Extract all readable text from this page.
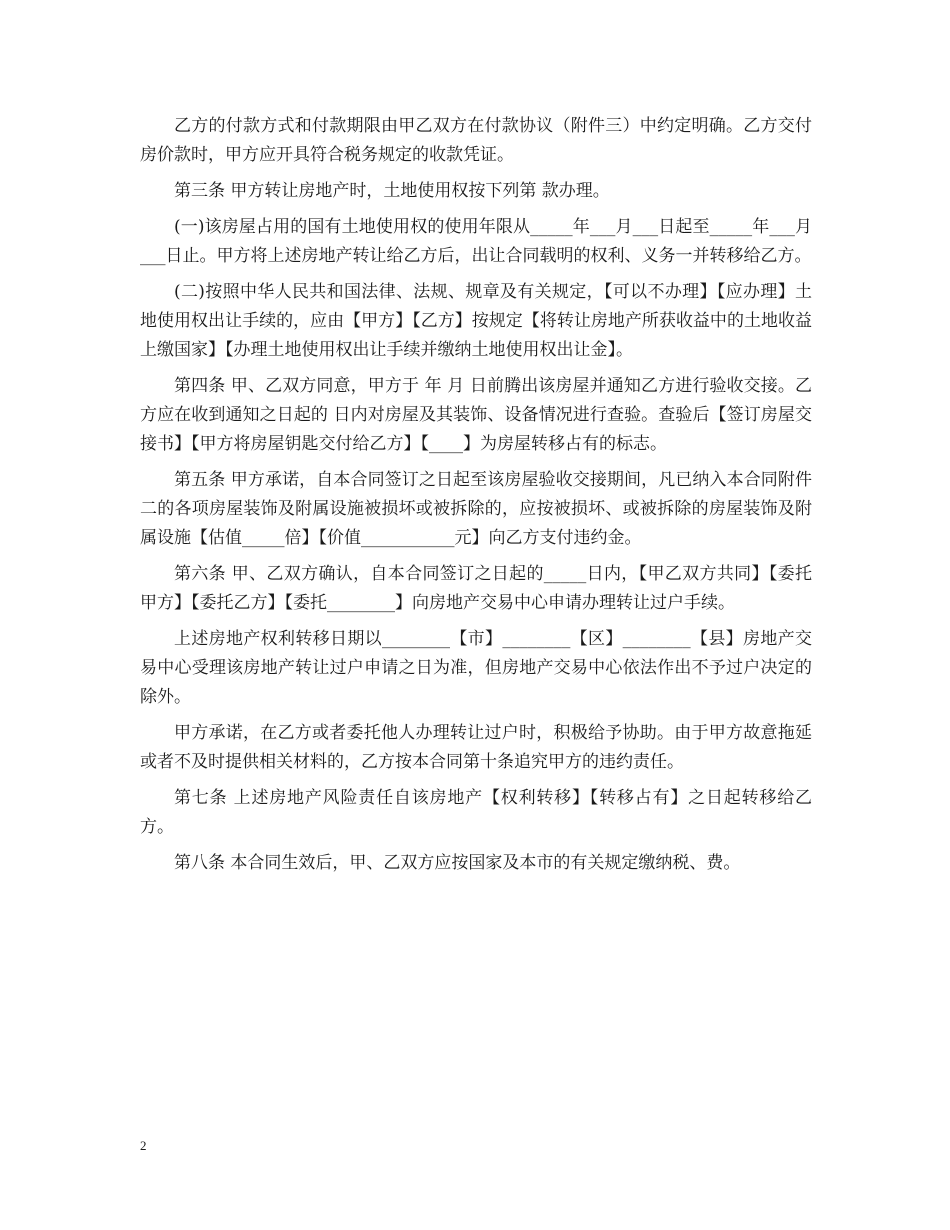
乙方的付款方式和付款期限由甲乙双方在付款协议（附件三）中约定明确。乙方交付房价款时，甲方应开具符合税务规定的收款凭证。

第三条 甲方转让房地产时，土地使用权按下列第 款办理。

(一)该房屋占用的国有土地使用权的使用年限从_____年___月___日起至_____年___月___日止。甲方将上述房地产转让给乙方后，出让合同载明的权利、义务一并转移给乙方。

(二)按照中华人民共和国法律、法规、规章及有关规定，【可以不办理】【应办理】土地使用权出让手续的，应由【甲方】【乙方】按规定【将转让房地产所获收益中的土地收益上缴国家】【办理土地使用权出让手续并缴纳土地使用权出让金】。

第四条 甲、乙双方同意，甲方于 年 月 日前腾出该房屋并通知乙方进行验收交接。乙方应在收到通知之日起的 日内对房屋及其装饰、设备情况进行查验。查验后【签订房屋交接书】【甲方将房屋钥匙交付给乙方】【____】为房屋转移占有的标志。

第五条 甲方承诺，自本合同签订之日起至该房屋验收交接期间，凡已纳入本合同附件二的各项房屋装饰及附属设施被损坏或被拆除的，应按被损坏、或被拆除的房屋装饰及附属设施【估值_____倍】【价值___________元】向乙方支付违约金。

第六条 甲、乙双方确认，自本合同签订之日起的_____日内，【甲乙双方共同】【委托甲方】【委托乙方】【委托________】向房地产交易中心申请办理转让过户手续。

上述房地产权利转移日期以________【市】________【区】________【县】房地产交易中心受理该房地产转让过户申请之日为准，但房地产交易中心依法作出不予过户决定的除外。

甲方承诺，在乙方或者委托他人办理转让过户时，积极给予协助。由于甲方故意拖延或者不及时提供相关材料的，乙方按本合同第十条追究甲方的违约责任。

第七条 上述房地产风险责任自该房地产【权利转移】【转移占有】之日起转移给乙方。

第八条 本合同生效后，甲、乙双方应按国家及本市的有关规定缴纳税、费。

2
